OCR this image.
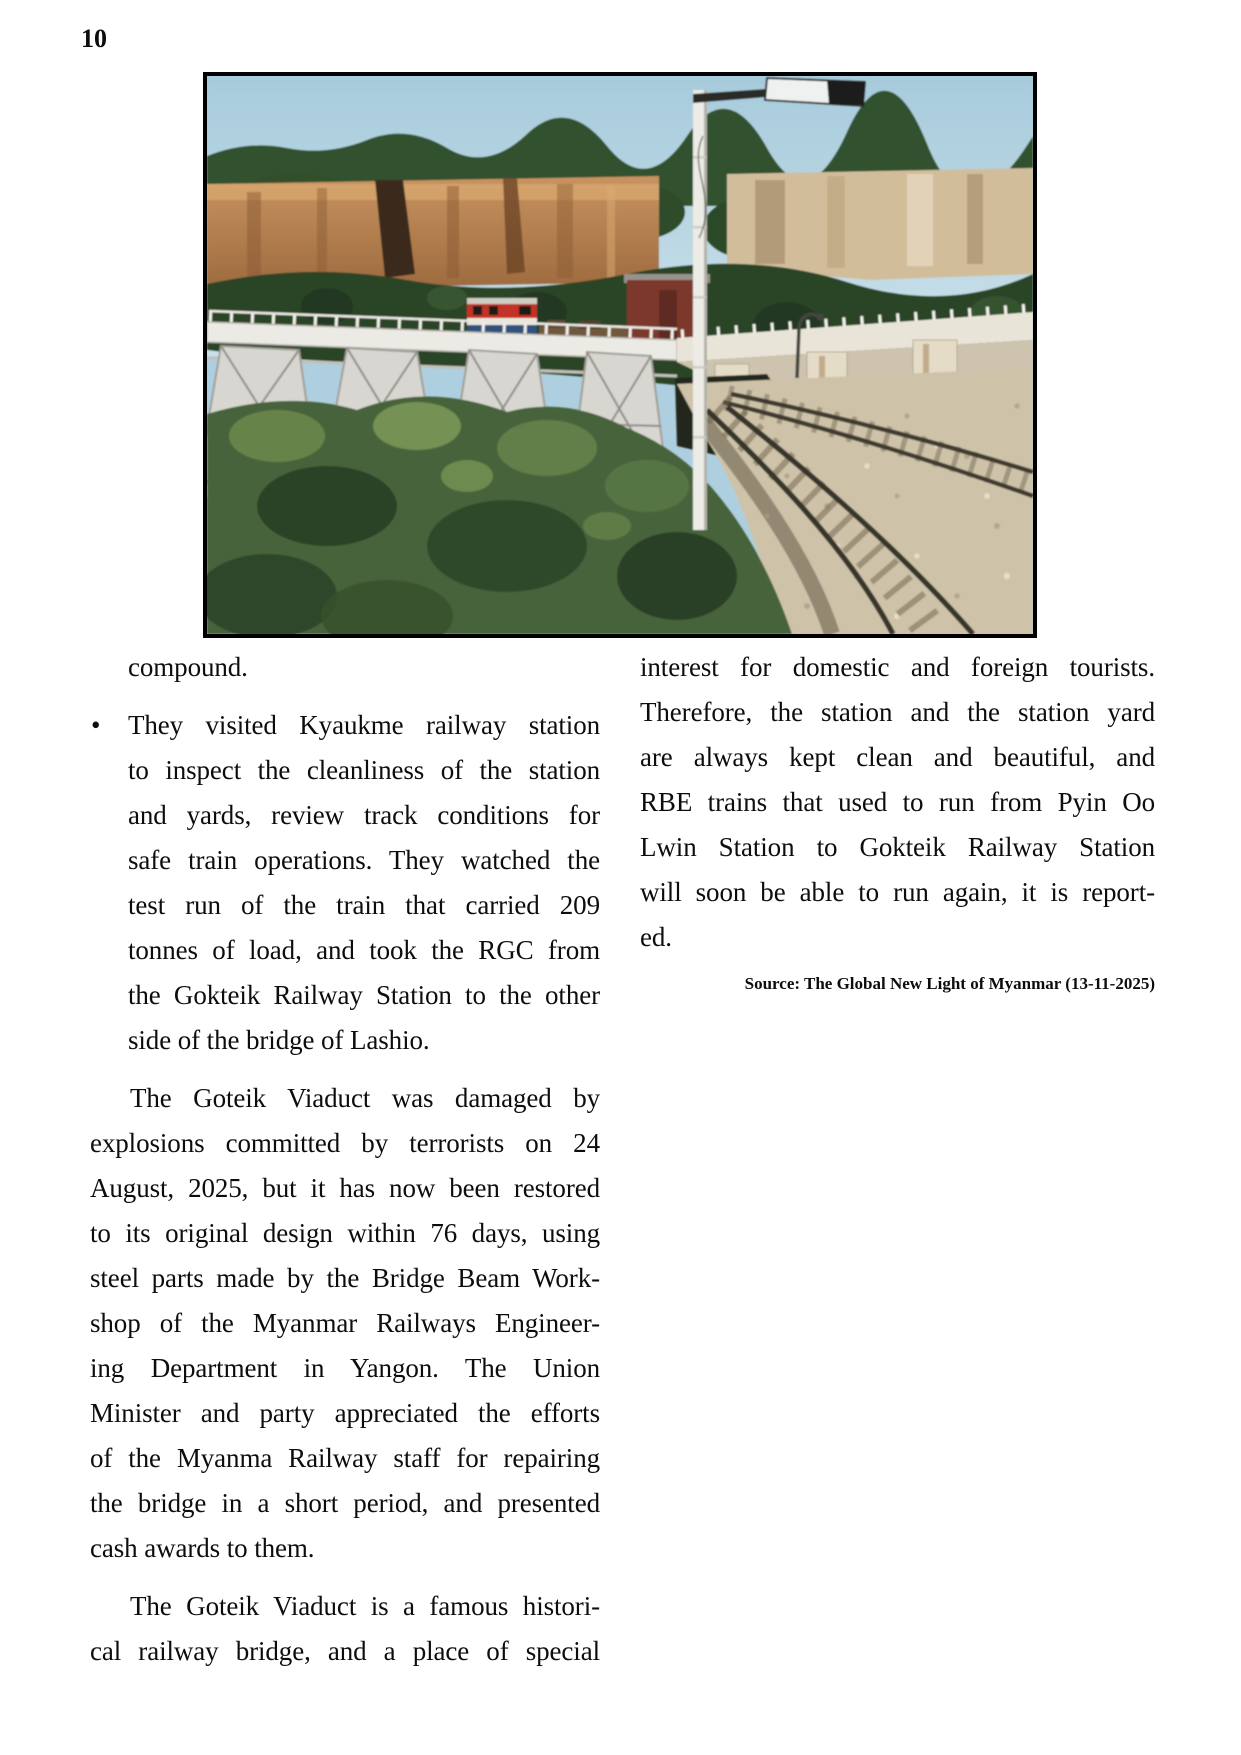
10
compound.
• They visited Kyaukme railway station
to inspect the cleanliness of the station
and yards, review track conditions for
safe train operations. They watched the
test run of the train that carried 209
tonnes of load, and took the RGC from
the Gokteik Railway Station to the other
side of the bridge of Lashio.
The Goteik Viaduct was damaged by
explosions committed by terrorists on 24
August, 2025, but it has now been restored
to its original design within 76 days, using
steel parts made by the Bridge Beam Work-
shop of the Myanmar Railways Engineer-
ing Department in Yangon. The Union
Minister and party appreciated the efforts
of the Myanma Railway staff for repairing
the bridge in a short period, and presented
cash awards to them.
The Goteik Viaduct is a famous histori-
cal railway bridge, and a place of special
interest for domestic and foreign tourists.
Therefore, the station and the station yard
are always kept clean and beautiful, and
RBE trains that used to run from Pyin Oo
Lwin Station to Gokteik Railway Station
will soon be able to run again, it is report-
ed.
Source: The Global New Light of Myanmar (13-11-2025)
